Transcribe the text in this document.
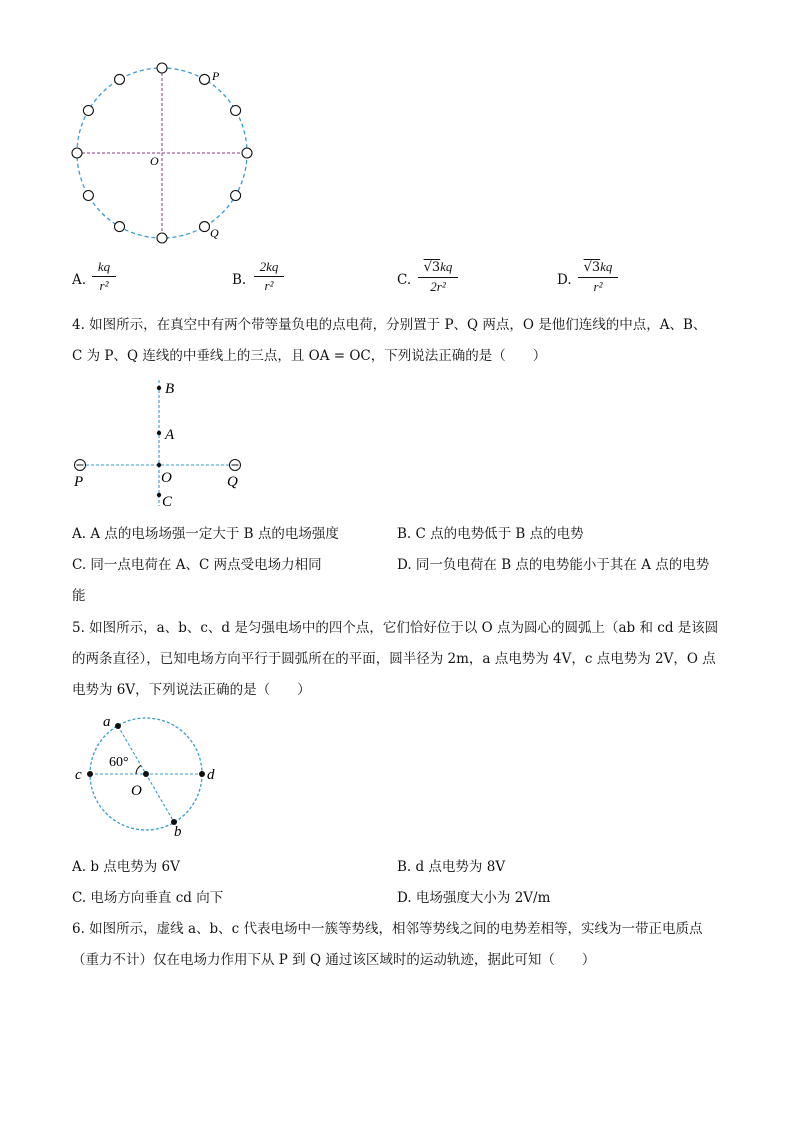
P
O
Q
A. $\frac{kq}{\text{r²}}$	B. $\frac{2kq}{\text{r²}}$	C. $\frac{√3kq}{\text{2r²}}$	D. $\frac{√3kq}{\text{r²}}$
4. 如图所示，在真空中有两个带等量负电的点电荷，分别置于 P、Q 两点，O 是他们连线的中点，A、B、
C 为 P、Q 连线的中垂线上的三点，且 OA = OC，下列说法正确的是（　　）
B
A
O
C
P	Q
A. A 点的电场场强一定大于 B 点的电场强度	B. C 点的电势低于 B 点的电势
C. 同一点电荷在 A、C 两点受电场力相同	D. 同一负电荷在 B 点的电势能小于其在 A 点的电势
能
5. 如图所示，a、b、c、d 是匀强电场中的四个点，它们恰好位于以 O 点为圆心的圆弧上（ab 和 cd 是该圆
的两条直径），已知电场方向平行于圆弧所在的平面，圆半径为 2m，a 点电势为 4V，c 点电势为 2V，O 点
电势为 6V，下列说法正确的是（　　）
a
b
c	d
O
60°
A. b 点电势为 6V	B. d 点电势为 8V
C. 电场方向垂直 cd 向下	D. 电场强度大小为 2V/m
6. 如图所示，虚线 a、b、c 代表电场中一簇等势线，相邻等势线之间的电势差相等，实线为一带正电质点
（重力不计）仅在电场力作用下从 P 到 Q 通过该区域时的运动轨迹，据此可知（　　）
